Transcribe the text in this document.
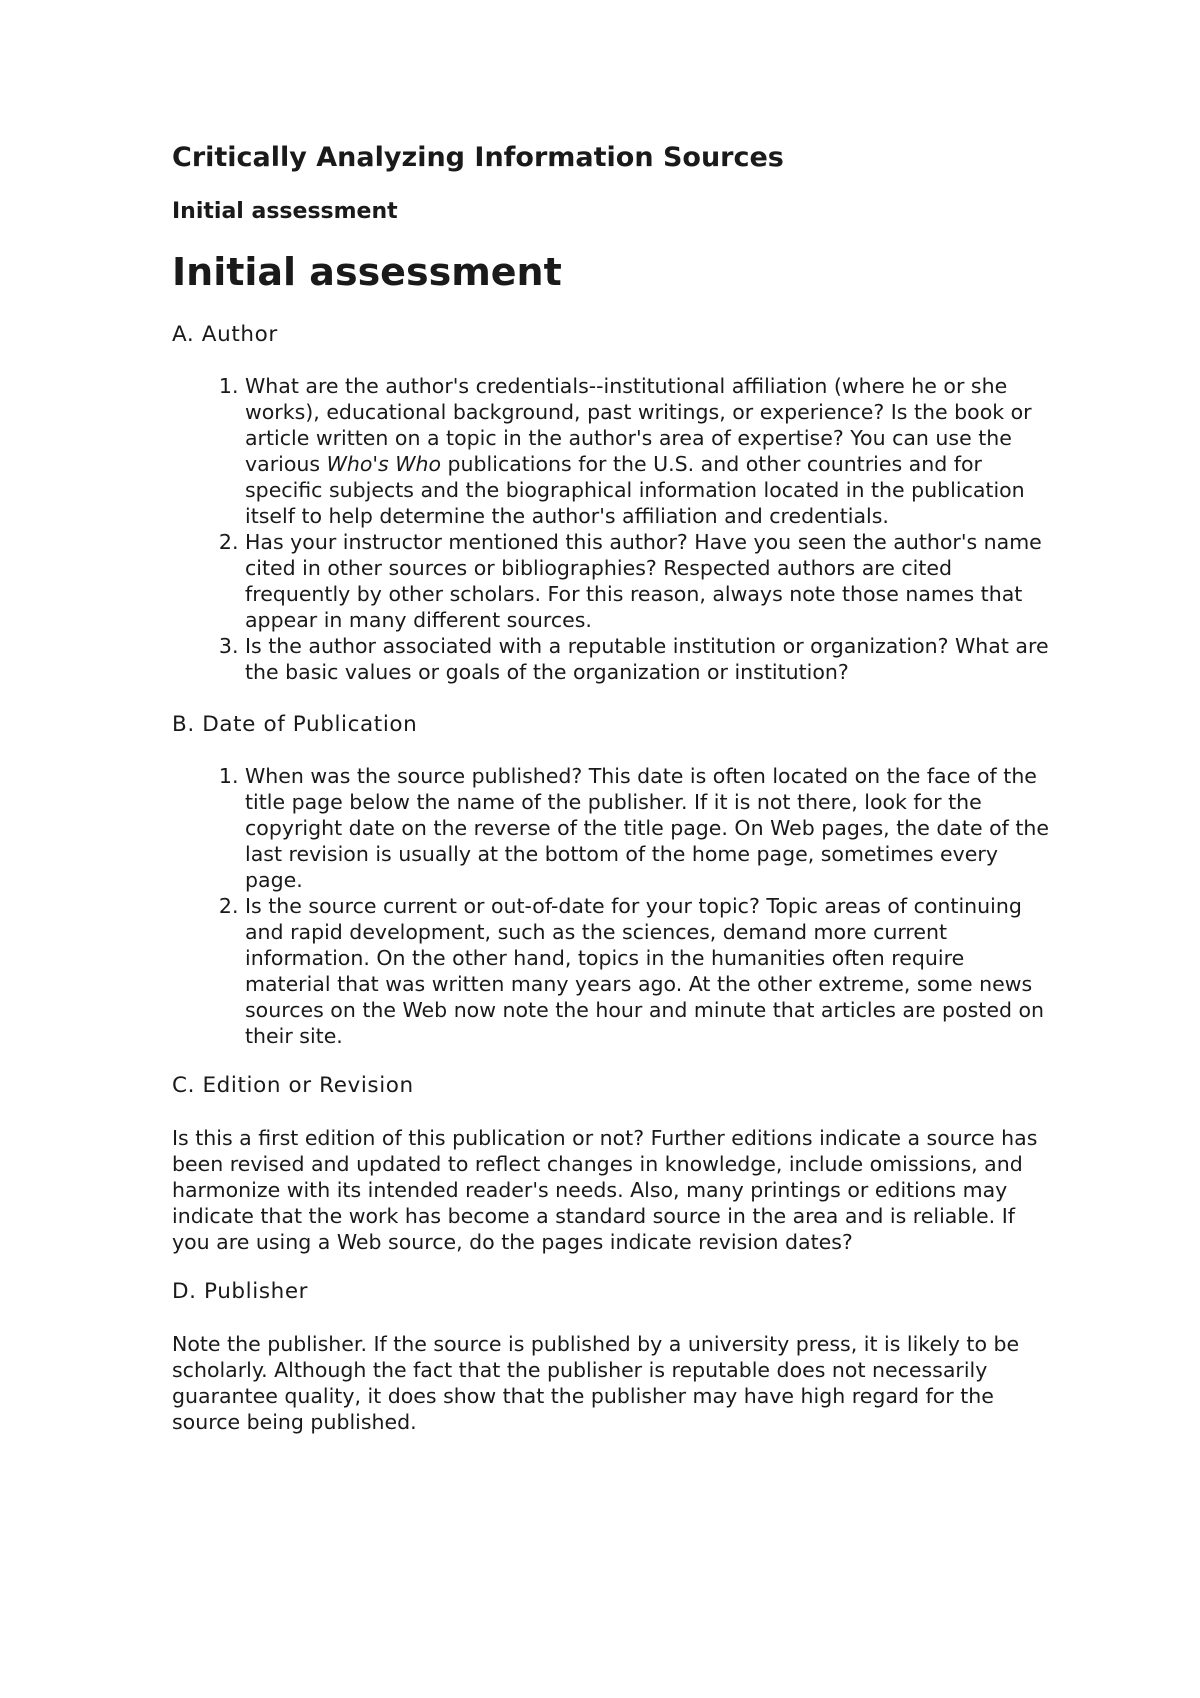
Critically Analyzing Information Sources
Initial assessment
Initial assessment
A. Author
1. What are the author's credentials--institutional affiliation (where he or she works), educational background, past writings, or experience? Is the book or article written on a topic in the author's area of expertise? You can use the various Who's Who publications for the U.S. and other countries and for specific subjects and the biographical information located in the publication itself to help determine the author's affiliation and credentials.
2. Has your instructor mentioned this author? Have you seen the author's name cited in other sources or bibliographies? Respected authors are cited frequently by other scholars. For this reason, always note those names that appear in many different sources.
3. Is the author associated with a reputable institution or organization? What are the basic values or goals of the organization or institution?
B. Date of Publication
1. When was the source published? This date is often located on the face of the title page below the name of the publisher. If it is not there, look for the copyright date on the reverse of the title page. On Web pages, the date of the last revision is usually at the bottom of the home page, sometimes every page.
2. Is the source current or out-of-date for your topic? Topic areas of continuing and rapid development, such as the sciences, demand more current information. On the other hand, topics in the humanities often require material that was written many years ago. At the other extreme, some news sources on the Web now note the hour and minute that articles are posted on their site.
C. Edition or Revision

Is this a first edition of this publication or not? Further editions indicate a source has been revised and updated to reflect changes in knowledge, include omissions, and harmonize with its intended reader's needs. Also, many printings or editions may indicate that the work has become a standard source in the area and is reliable. If you are using a Web source, do the pages indicate revision dates?

D. Publisher

Note the publisher. If the source is published by a university press, it is likely to be scholarly. Although the fact that the publisher is reputable does not necessarily guarantee quality, it does show that the publisher may have high regard for the source being published.
